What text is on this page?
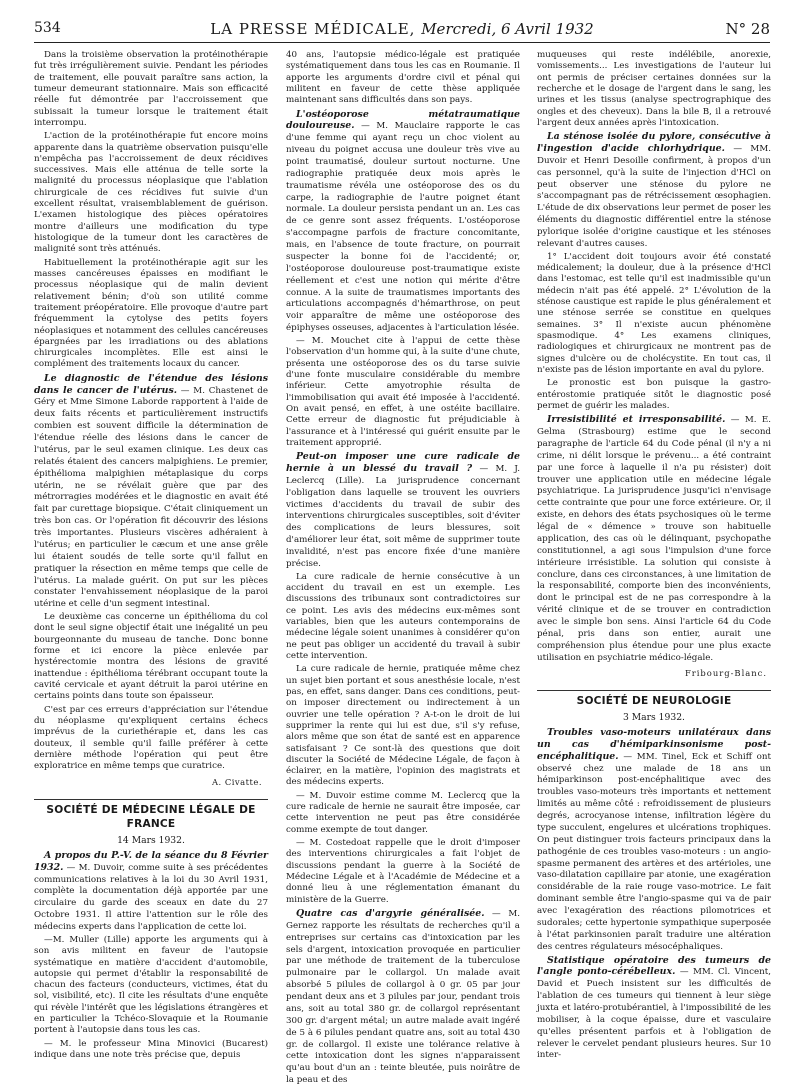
534	LA PRESSE MÉDICALE, Mercredi, 6 Avril 1932	N° 28

Dans la troisième observation la protéinothérapie fut très irrégulièrement suivie. Pendant les périodes de traitement, elle pouvait paraître sans action, la tumeur demeurant stationnaire. Mais son efficacité réelle fut démontrée par l'accroissement que subissait la tumeur lorsque le traitement était interrompu.

L'action de la protéinothérapie fut encore moins apparente dans la quatrième observation puisqu'elle n'empêcha pas l'accroissement de deux récidives successives. Mais elle atténua de telle sorte la malignité du processus néoplasique que l'ablation chirurgicale de ces récidives fut suivie d'un excellent résultat, vraisemblablement de guérison. L'examen histologique des pièces opératoires montre d'ailleurs une modification du type histologique de la tumeur dont les caractères de malignité sont très atténués.

Habituellement la protéinothérapie agit sur les masses cancéreuses épaisses en modifiant le processus néoplasique qui de malin devient relativement bénin; d'où son utilité comme traitement préopératoire. Elle provoque d'autre part fréquemment la cytolyse des petits foyers néoplasiques et notamment des cellules cancéreuses épargnées par les irradiations ou des ablations chirurgicales incomplètes. Elle est ainsi le complément des traitements locaux du cancer.

Le diagnostic de l'étendue des lésions dans le cancer de l'utérus. — M. Chastenet de Géry et Mme Simone Laborde rapportent à l'aide de deux faits récents et particulièrement instructifs combien est souvent difficile la détermination de l'étendue réelle des lésions dans le cancer de l'utérus, par le seul examen clinique. Les deux cas relatés étaient des cancers malpighiens. Le premier, épithélioma malpighien métaplasique du corps utérin, ne se révélait guère que par des métrorragies modérées et le diagnostic en avait été fait par curettage biopsique. C'était cliniquement un très bon cas. Or l'opération fit découvrir des lésions très importantes. Plusieurs viscères adhéraient à l'utérus; en particulier le cæcum et une anse grêle lui étaient soudés de telle sorte qu'il fallut en pratiquer la résection en même temps que celle de l'utérus. La malade guérit. On put sur les pièces constater l'envahissement néoplasique de la paroi utérine et celle d'un segment intestinal.

Le deuxième cas concerne un épithélioma du col dont le seul signe objectif était une inégalité un peu bourgeonnante du museau de tanche. Donc bonne forme et ici encore la pièce enlevée par hystérectomie montra des lésions de gravité inattendue : épithélioma térébrant occupant toute la cavité cervicale et ayant détruit la paroi utérine en certains points dans toute son épaisseur.

C'est par ces erreurs d'appréciation sur l'étendue du néoplasme qu'expliquent certains échecs imprévus de la curiethérapie et, dans les cas douteux, il semble qu'il faille préférer à cette dernière méthode l'opération qui peut être exploratrice en même temps que curatrice.

A. Civatte.
SOCIÉTÉ DE MÉDECINE LÉGALE DE FRANCE
14 Mars 1932.

A propos du P.-V. de la séance du 8 Février 1932. — M. Duvoir, comme suite à ses précédentes communications relatives à la loi du 30 Avril 1931, complète la documentation déjà apportée par une circulaire du garde des sceaux en date du 27 Octobre 1931. Il attire l'attention sur le rôle des médecins experts dans l'application de cette loi.

—M. Muller (Lille) apporte les arguments qui à son avis militent en faveur de l'autopsie systématique en matière d'accident d'automobile, autopsie qui permet d'établir la responsabilité de chacun des facteurs (conducteurs, victimes, état du sol, visibilité, etc). Il cite les résultats d'une enquête qui révèle l'intérêt que les législations étrangères et en particulier la Tchéco-Slovaquie et la Roumanie portent à l'autopsie dans tous les cas.

— M. le professeur Mina Minovici (Bucarest) indique dans une note très précise que, depuis

40 ans, l'autopsie médico-légale est pratiquée systématiquement dans tous les cas en Roumanie. Il apporte les arguments d'ordre civil et pénal qui militent en faveur de cette thèse appliquée maintenant sans difficultés dans son pays.

L'ostéoporose métatraumatique douloureuse. — M. Mauclaire rapporte le cas d'une femme qui ayant reçu un choc violent au niveau du poignet accusa une douleur très vive au point traumatisé, douleur surtout nocturne. Une radiographie pratiquée deux mois après le traumatisme révéla une ostéoporose des os du carpe, la radiographie de l'autre poignet étant normale. La douleur persista pendant un an. Les cas de ce genre sont assez fréquents. L'ostéoporose s'accompagne parfois de fracture concomitante, mais, en l'absence de toute fracture, on pourrait suspecter la bonne foi de l'accidenté; or, l'ostéoporose douloureuse post-traumatique existe réellement et c'est une notion qui mérite d'être connue. A la suite de traumatismes importants des articulations accompagnés d'hémarthrose, on peut voir apparaître de même une ostéoporose des épiphyses osseuses, adjacentes à l'articulation lésée.

— M. Mouchet cite à l'appui de cette thèse l'observation d'un homme qui, à la suite d'une chute, présenta une ostéoporose des os du tarse suivie d'une fonte musculaire considérable du membre inférieur. Cette amyotrophie résulta de l'immobilisation qui avait été imposée à l'accidenté. On avait pensé, en effet, à une ostéite bacillaire. Cette erreur de diagnostic fut préjudiciable à l'assurance et à l'intéressé qui guérit ensuite par le traitement approprié.

Peut-on imposer une cure radicale de hernie à un blessé du travail ? — M. J. Leclercq (Lille). La jurisprudence concernant l'obligation dans laquelle se trouvent les ouvriers victimes d'accidents du travail de subir des interventions chirurgicales susceptibles, soit d'éviter des complications de leurs blessures, soit d'améliorer leur état, soit même de supprimer toute invalidité, n'est pas encore fixée d'une manière précise.

La cure radicale de hernie consécutive à un accident du travail en est un exemple. Les discussions des tribunaux sont contradictoires sur ce point. Les avis des médecins eux-mêmes sont variables, bien que les auteurs contemporains de médecine légale soient unanimes à considérer qu'on ne peut pas obliger un accidenté du travail à subir cette intervention.

La cure radicale de hernie, pratiquée même chez un sujet bien portant et sous anesthésie locale, n'est pas, en effet, sans danger. Dans ces conditions, peut-on imposer directement ou indirectement à un ouvrier une telle opération ? A-t-on le droit de lui supprimer la rente qui lui est due, s'il s'y refuse, alors même que son état de santé est en apparence satisfaisant ? Ce sont-là des questions que doit discuter la Société de Médecine Légale, de façon à éclairer, en la matière, l'opinion des magistrats et des médecins experts.

— M. Duvoir estime comme M. Leclercq que la cure radicale de hernie ne saurait être imposée, car cette intervention ne peut pas être considérée comme exempte de tout danger.

— M. Costedoat rappelle que le droit d'imposer des interventions chirurgicales a fait l'objet de discussions pendant la guerre à la Société de Médecine Légale et à l'Académie de Médecine et a donné lieu à une réglementation émanant du ministère de la Guerre.

Quatre cas d'argyrie généralisée. — M. Gernez rapporte les résultats de recherches qu'il a entreprises sur certains cas d'intoxication par les sels d'argent, intoxication provoquée en particulier par une méthode de traitement de la tuberculose pulmonaire par le collargol. Un malade avait absorbé 5 pilules de collargol à 0 gr. 05 par jour pendant deux ans et 3 pilules par jour, pendant trois ans, soit au total 380 gr. de collargol représentant 300 gr. d'argent métal; un autre malade avait ingéré de 5 à 6 pilules pendant quatre ans, soit au total 430 gr. de collargol. Il existe une tolérance relative à cette intoxication dont les signes n'apparaissent qu'au bout d'un an : teinte bleutée, puis noirâtre de la peau et des

muqueuses qui reste indélébile, anorexie, vomissements... Les investigations de l'auteur lui ont permis de préciser certaines données sur la recherche et le dosage de l'argent dans le sang, les urines et les tissus (analyse spectrographique des ongles et des cheveux). Dans la bile B, il a retrouvé l'argent deux années après l'intoxication.

La sténose isolée du pylore, consécutive à l'ingestion d'acide chlorhydrique. — MM. Duvoir et Henri Desoille confirment, à propos d'un cas personnel, qu'à la suite de l'injection d'HCl on peut observer une sténose du pylore ne s'accompagnant pas de rétrécissement œsophagien. L'étude de dix observations leur permet de poser les éléments du diagnostic différentiel entre la sténose pylorique isolée d'origine caustique et les sténoses relevant d'autres causes.

1° L'accident doit toujours avoir été constaté médicalement; la douleur, due à la présence d'HCl dans l'estomac, est telle qu'il est inadmissible qu'un médecin n'ait pas été appelé. 2° L'évolution de la sténose caustique est rapide le plus généralement et une sténose serrée se constitue en quelques semaines. 3° Il n'existe aucun phénomène spasmodique. 4° Les examens cliniques, radiologiques et chirurgicaux ne montrent pas de signes d'ulcère ou de cholécystite. En tout cas, il n'existe pas de lésion importante en aval du pylore.

Le pronostic est bon puisque la gastro-entérostomie pratiquée sitôt le diagnostic posé permet de guérir les malades.

Irresistibilité et irresponsabilité. — M. E. Gelma (Strasbourg) estime que le second paragraphe de l'article 64 du Code pénal (il n'y a ni crime, ni délit lorsque le prévenu... a été contraint par une force à laquelle il n'a pu résister) doit trouver une application utile en médecine légale psychiatrique. La jurisprudence jusqu'ici n'envisage cette contrainte que pour une force extérieure. Or, il existe, en dehors des états psychosiques où le terme légal de « démence » trouve son habituelle application, des cas où le délinquant, psychopathe constitutionnel, a agi sous l'impulsion d'une force intérieure irrésistible. La solution qui consiste à conclure, dans ces circonstances, à une limitation de la responsabilité, comporte bien des inconvénients, dont le principal est de ne pas correspondre à la vérité clinique et de se trouver en contradiction avec le simple bon sens. Ainsi l'article 64 du Code pénal, pris dans son entier, aurait une compréhension plus étendue pour une plus exacte utilisation en psychiatrie médico-légale.

Fribourg-Blanc.
SOCIÉTÉ DE NEUROLOGIE
3 Mars 1932.

Troubles vaso-moteurs unilatéraux dans un cas d'hémiparkinsonisme post-encéphalitique. — MM. Tinel, Eck et Schiff ont observé chez une malade de 18 ans un hémiparkinson post-encéphalitique avec des troubles vaso-moteurs très importants et nettement limités au même côté : refroidissement de plusieurs degrés, acrocyanose intense, infiltration légère du type succulent, engelures et ulcérations trophiques. On peut distinguer trois facteurs principaux dans la pathogénie de ces troubles vaso-moteurs : un angio-spasme permanent des artères et des artérioles, une vaso-dilatation capillaire par atonie, une exagération considérable de la raie rouge vaso-motrice. Le fait dominant semble être l'angio-spasme qui va de pair avec l'exagération des réactions pilomotrices et sudorales; cette hypertonie sympathique superposée à l'état parkinsonien paraît traduire une altération des centres régulateurs mésocéphaliques.

Statistique opératoire des tumeurs de l'angle ponto-cérébelleux. — MM. Cl. Vincent, David et Puech insistent sur les difficultés de l'ablation de ces tumeurs qui tiennent à leur siège juxta et latéro-protubérantiel, à l'impossibilité de les mobiliser, à la coque épaisse, dure et vasculaire qu'elles présentent parfois et à l'obligation de relever le cervelet pendant plusieurs heures. Sur 10 inter-
